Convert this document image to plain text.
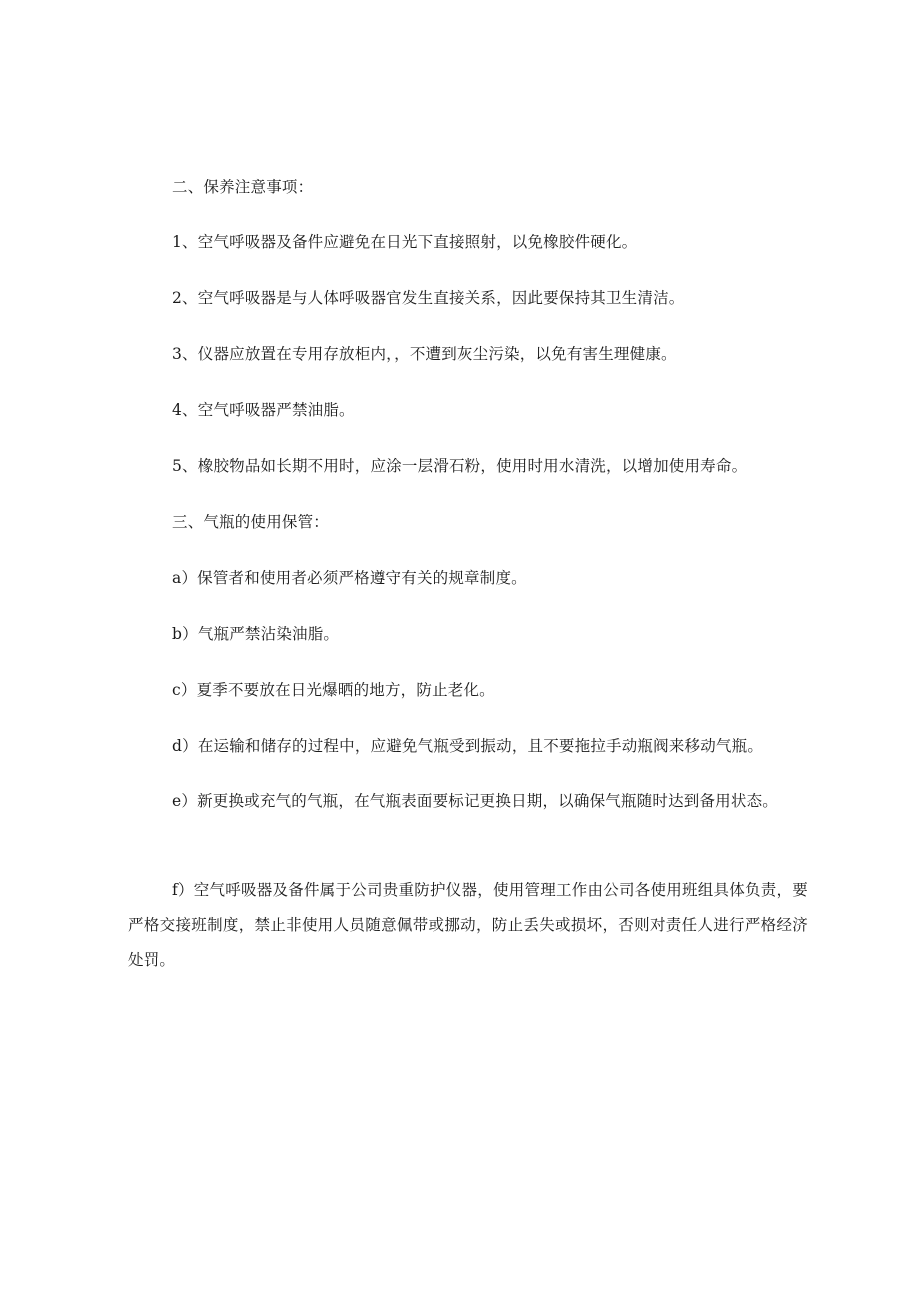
二、保养注意事项：
1、空气呼吸器及备件应避免在日光下直接照射，以免橡胶件硬化。
2、空气呼吸器是与人体呼吸器官发生直接关系，因此要保持其卫生清洁。
3、仪器应放置在专用存放柜内，，不遭到灰尘污染，以免有害生理健康。
4、空气呼吸器严禁油脂。
5、橡胶物品如长期不用时，应涂一层滑石粉，使用时用水清洗，以增加使用寿命。
三、气瓶的使用保管：
a）保管者和使用者必须严格遵守有关的规章制度。
b）气瓶严禁沾染油脂。
c）夏季不要放在日光爆晒的地方，防止老化。
d）在运输和储存的过程中，应避免气瓶受到振动，且不要拖拉手动瓶阀来移动气瓶。
e）新更换或充气的气瓶，在气瓶表面要标记更换日期，以确保气瓶随时达到备用状态。
f）空气呼吸器及备件属于公司贵重防护仪器，使用管理工作由公司各使用班组具体负责，要严格交接班制度，禁止非使用人员随意佩带或挪动，防止丢失或损坏，否则对责任人进行严格经济处罚。
